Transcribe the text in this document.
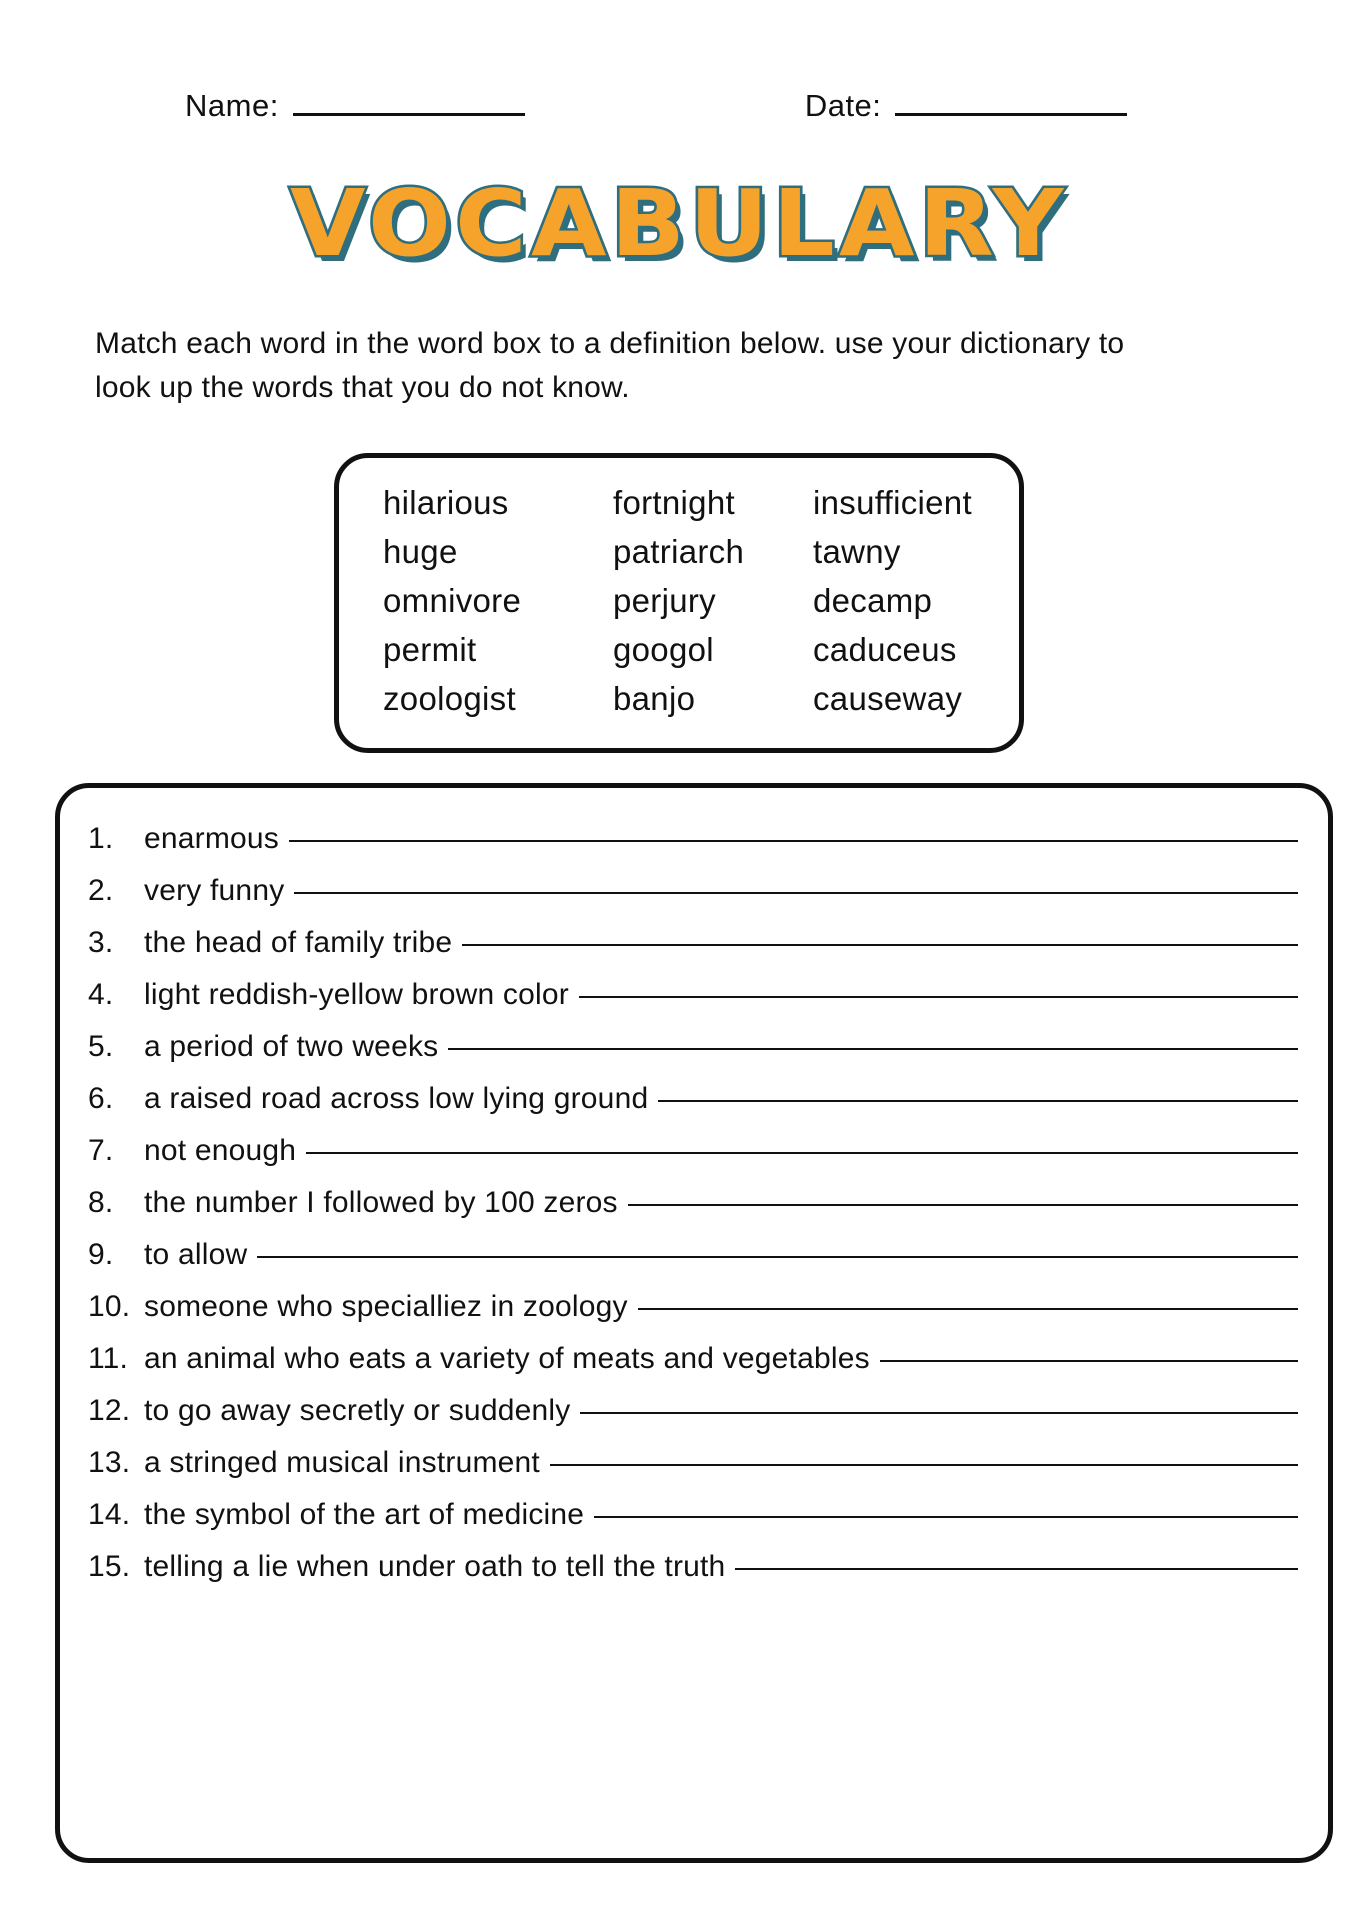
Name:	Date:
VOCABULARY
Match each word in the word box to a definition below. use your dictionary to look up the words that you do not know.
hilarious	fortnight	insufficient
huge	patriarch	tawny
omnivore	perjury	decamp
permit	googol	caduceus
zoologist	banjo	causeway
1.	enarmous
2.	very funny
3.	the head of family tribe
4.	light reddish-yellow brown color
5.	a period of two weeks
6.	a raised road across low lying ground
7.	not enough
8.	the number I followed by 100 zeros
9.	to allow
10. someone who specialliez in zoology
11. an animal who eats a variety of meats and vegetables
12. to go away secretly or suddenly
13. a stringed musical instrument
14. the symbol of the art of medicine
15. telling a lie when under oath to tell the truth
